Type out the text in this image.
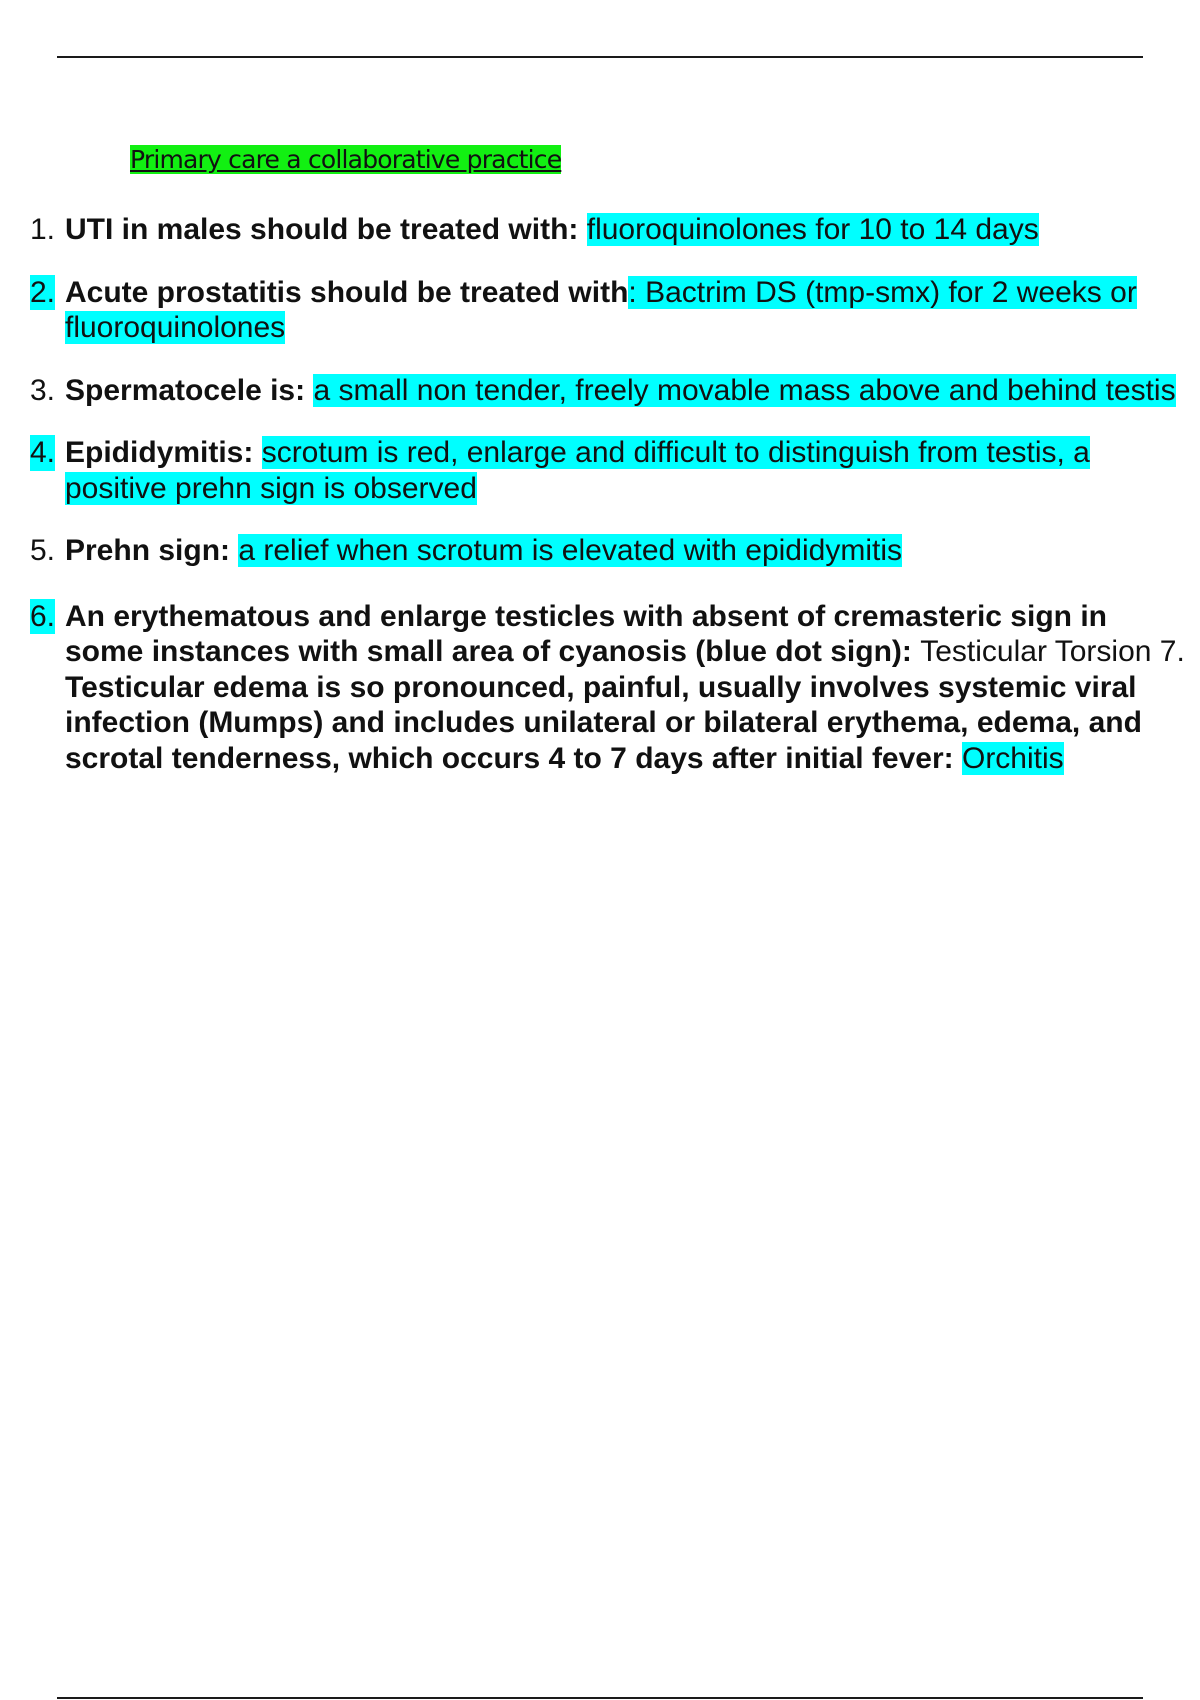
Primary care a collaborative practice
1. UTI in males should be treated with: fluoroquinolones for 10 to 14 days
2. Acute prostatitis should be treated with: Bactrim DS (tmp-smx) for 2 weeks or fluoroquinolones
3. Spermatocele is: a small non tender, freely movable mass above and behind testis
4. Epididymitis: scrotum is red, enlarge and difficult to distinguish from testis, a positive prehn sign is observed
5. Prehn sign: a relief when scrotum is elevated with epididymitis
6. An erythematous and enlarge testicles with absent of cremasteric sign in some instances with small area of cyanosis (blue dot sign): Testicular Torsion 7. Testicular edema is so pronounced, painful, usually involves systemic viral infection (Mumps) and includes unilateral or bilateral erythema, edema, and scrotal tenderness, which occurs 4 to 7 days after initial fever: Orchitis
